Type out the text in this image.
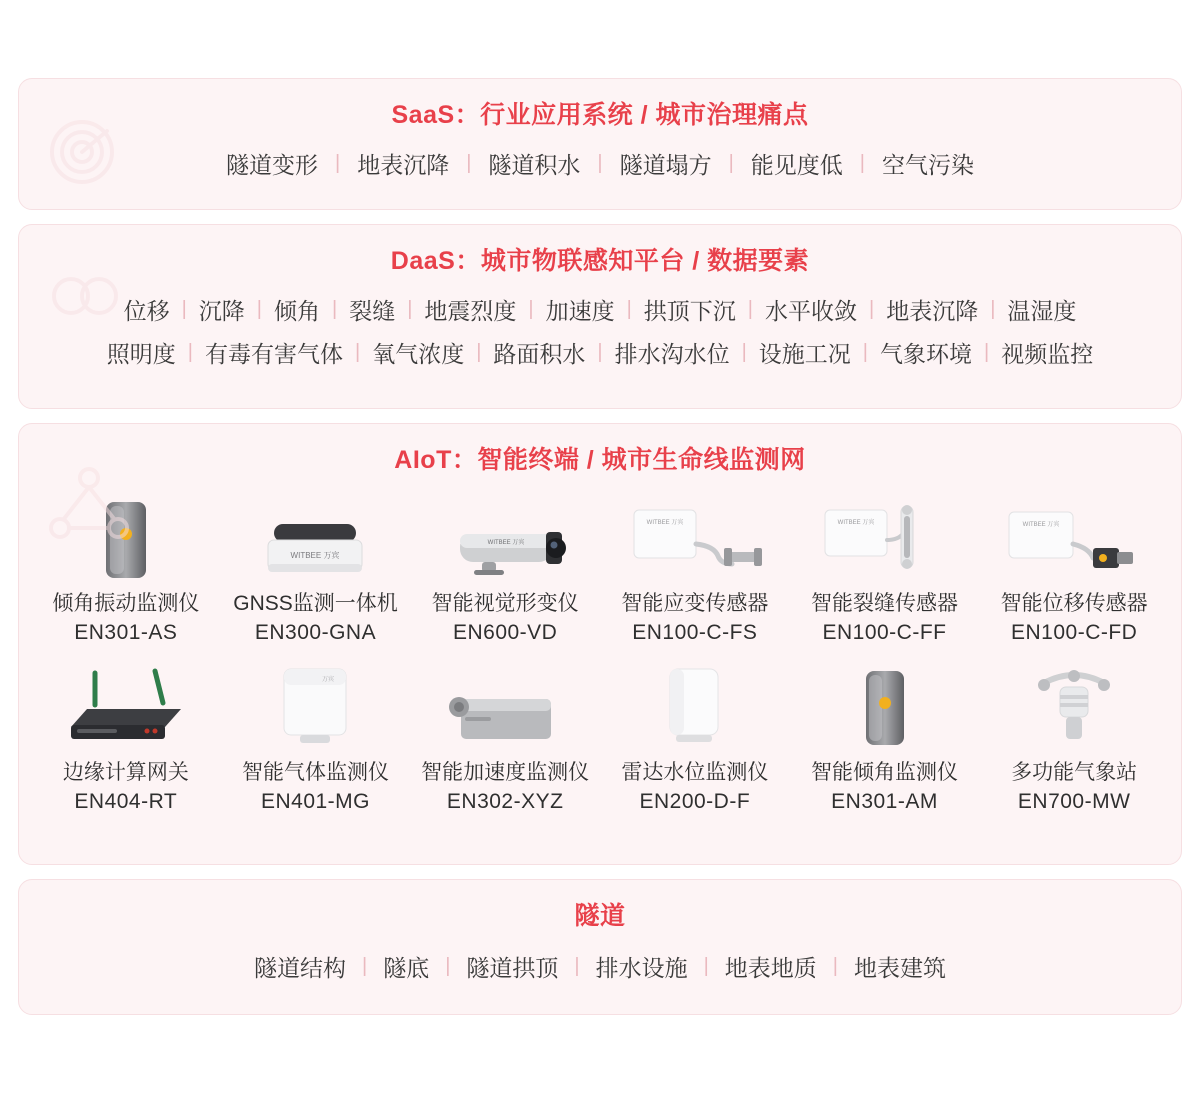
SaaS：行业应用系统 / 城市治理痛点
隧道变形 | 地表沉降 | 隧道积水 | 隧道塌方 | 能见度低 | 空气污染
DaaS：城市物联感知平台 / 数据要素
位移 | 沉降 | 倾角 | 裂缝 | 地震烈度 | 加速度 | 拱顶下沉 | 水平收敛 | 地表沉降 | 温湿度
照明度 | 有毒有害气体 | 氧气浓度 | 路面积水 | 排水沟水位 | 设施工况 | 气象环境 | 视频监控
AIoT：智能终端 / 城市生命线监测网
倾角振动监测仪
EN301-AS
WITBEE 万宾
GNSS监测一体机
EN300-GNA
WITBEE 万宾
智能视觉形变仪
EN600-VD
WITBEE 万宾
智能应变传感器
EN100-C-FS
WITBEE 万宾
智能裂缝传感器
EN100-C-FF
WITBEE 万宾
智能位移传感器
EN100-C-FD
边缘计算网关
EN404-RT
万宾
智能气体监测仪
EN401-MG
智能加速度监测仪
EN302-XYZ
雷达水位监测仪
EN200-D-F
智能倾角监测仪
EN301-AM
多功能气象站
EN700-MW
隧道
隧道结构 | 隧底 | 隧道拱顶 | 排水设施 | 地表地质 | 地表建筑
